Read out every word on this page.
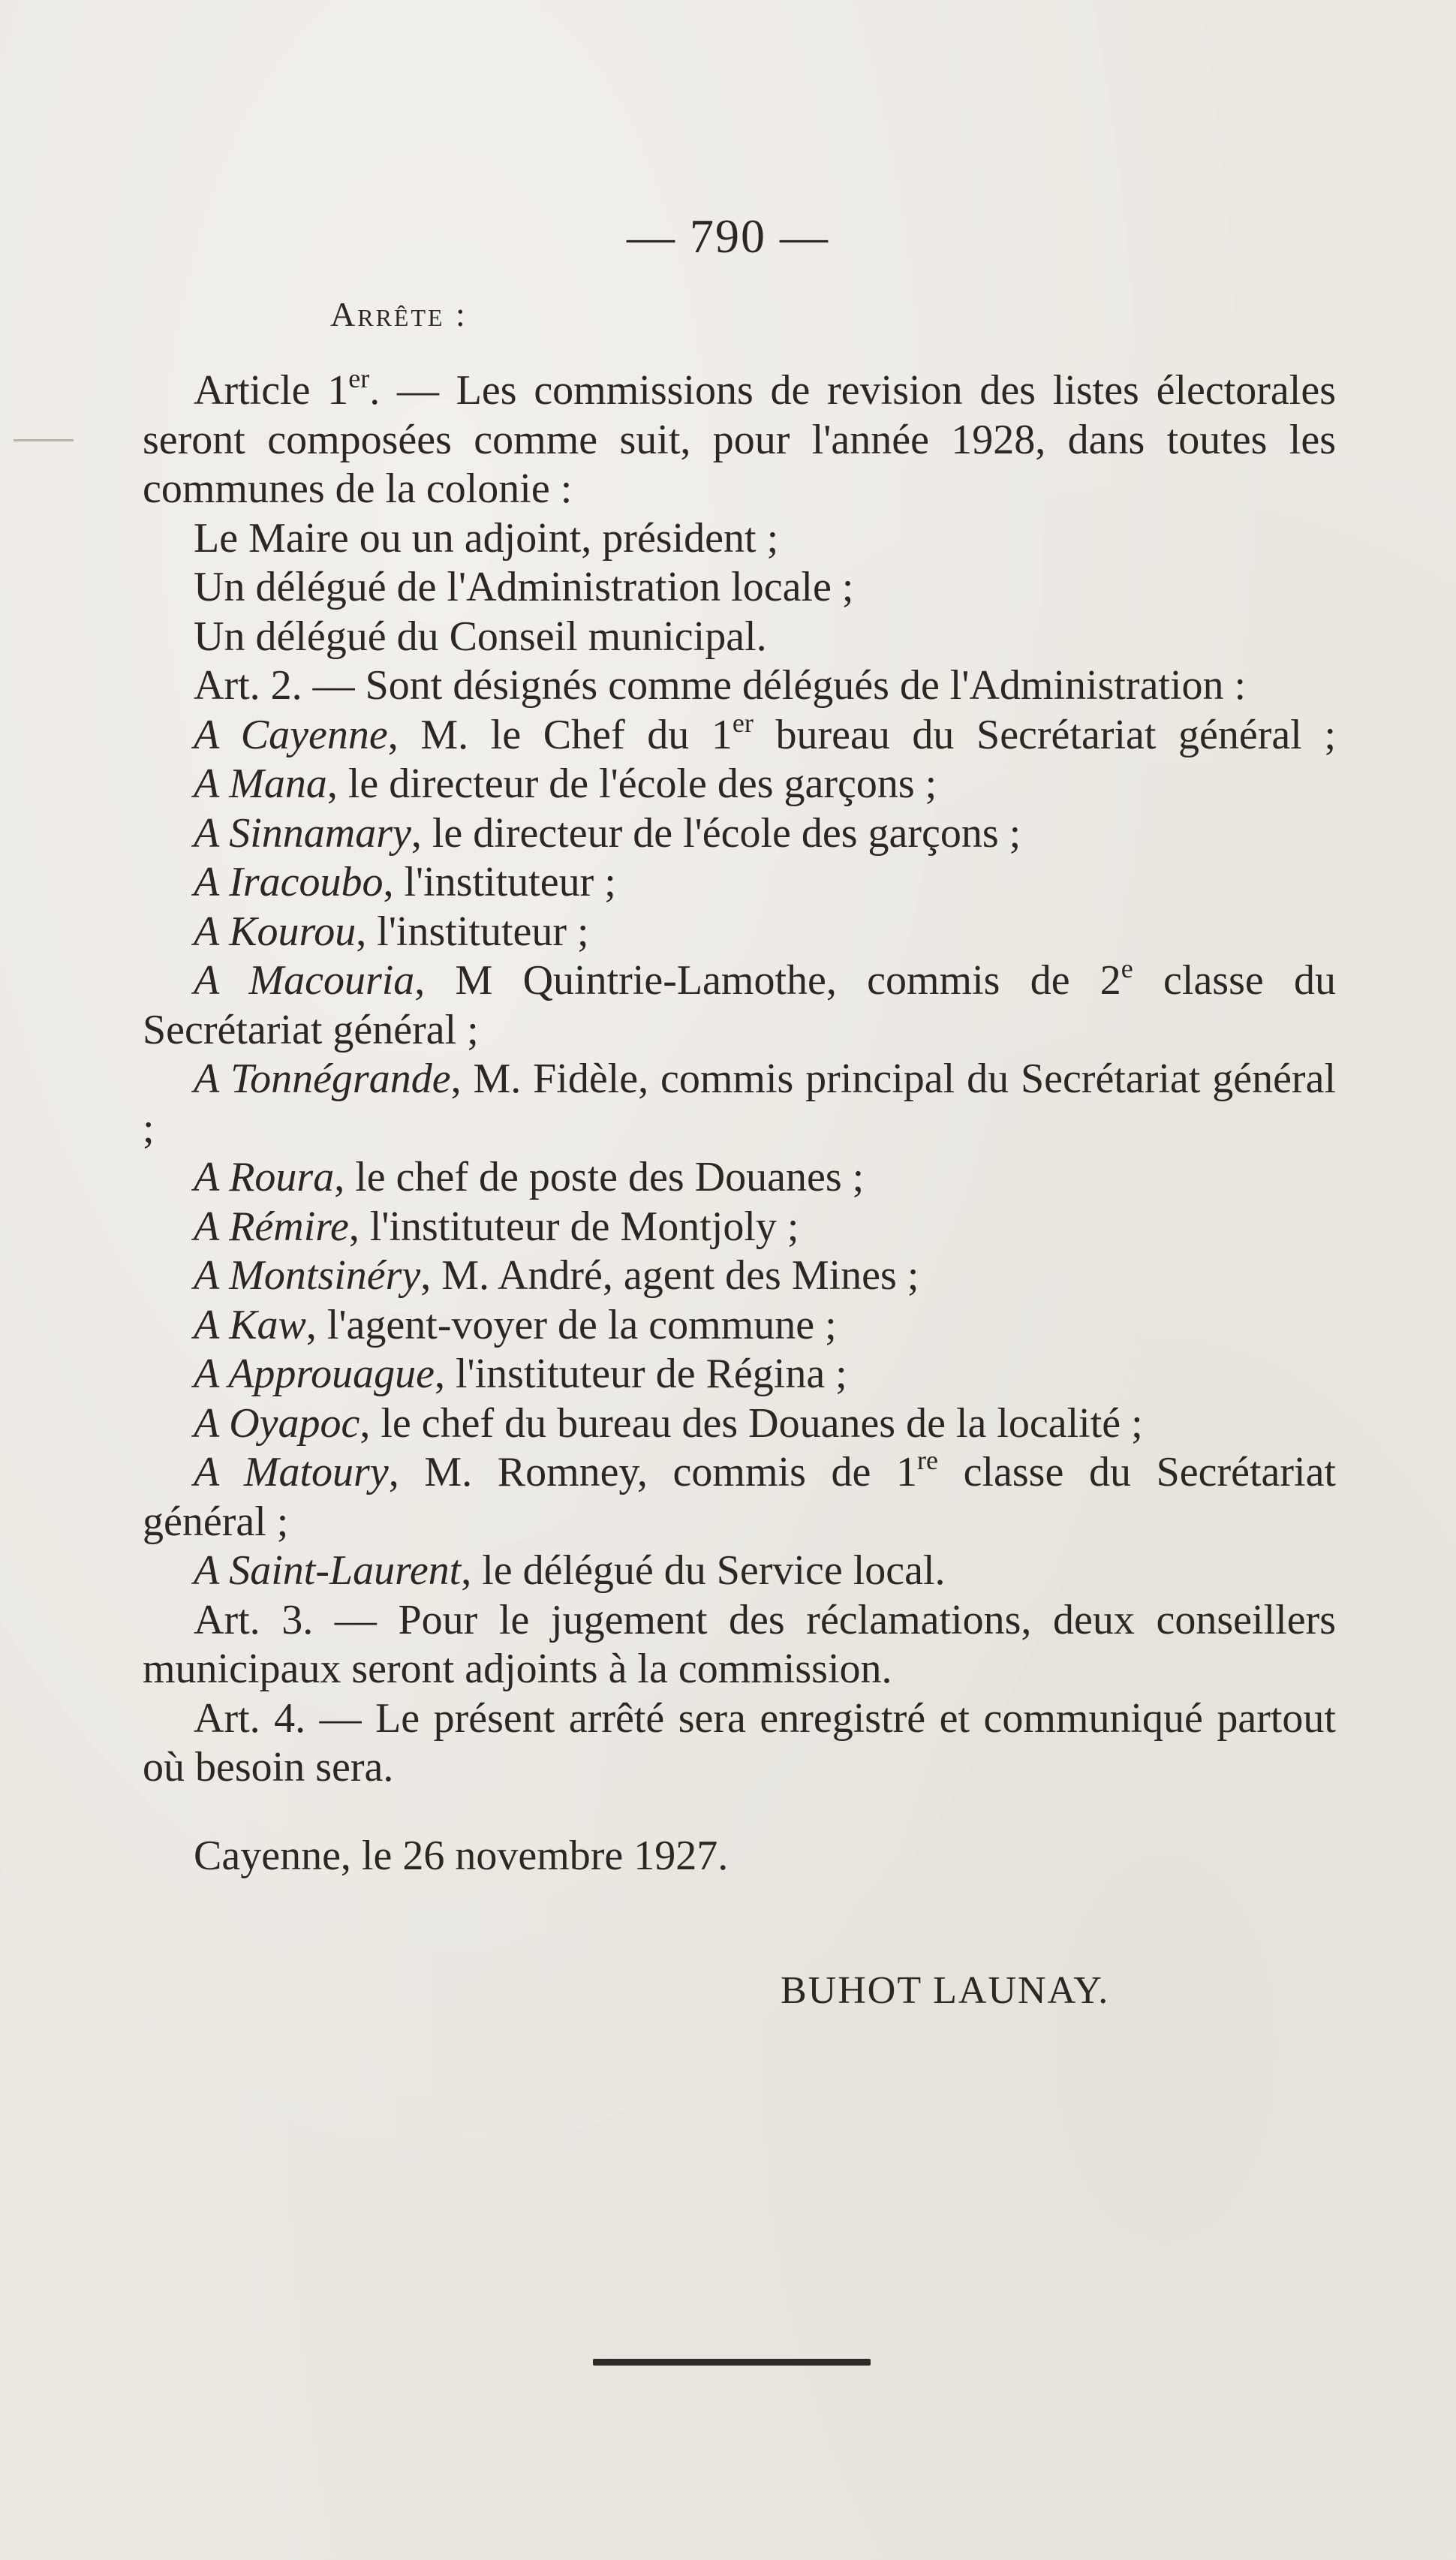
— 790 —
Arrête :

Article 1er. — Les commissions de revision des listes électorales seront composées comme suit, pour l'année 1928, dans toutes les communes de la colonie :

Le Maire ou un adjoint, président ;

Un délégué de l'Administration locale ;

Un délégué du Conseil municipal.

Art. 2. — Sont désignés comme délégués de l'Administration :

A Cayenne, M. le Chef du 1er bureau du Secrétariat général ;

A Mana, le directeur de l'école des garçons ;

A Sinnamary, le directeur de l'école des garçons ;

A Iracoubo, l'instituteur ;

A Kourou, l'instituteur ;

A Macouria, M Quintrie-Lamothe, commis de 2e classe du Secrétariat général ;

A Tonnégrande, M. Fidèle, commis principal du Secrétariat général ;

A Roura, le chef de poste des Douanes ;

A Rémire, l'instituteur de Montjoly ;

A Montsinéry, M. André, agent des Mines ;

A Kaw, l'agent-voyer de la commune ;

A Approuague, l'instituteur de Régina ;

A Oyapoc, le chef du bureau des Douanes de la localité ;

A Matoury, M. Romney, commis de 1re classe du Secrétariat général ;

A Saint-Laurent, le délégué du Service local.

Art. 3. — Pour le jugement des réclamations, deux conseillers municipaux seront adjoints à la commission.

Art. 4. — Le présent arrêté sera enregistré et communiqué partout où besoin sera.

Cayenne, le 26 novembre 1927.

BUHOT LAUNAY.
